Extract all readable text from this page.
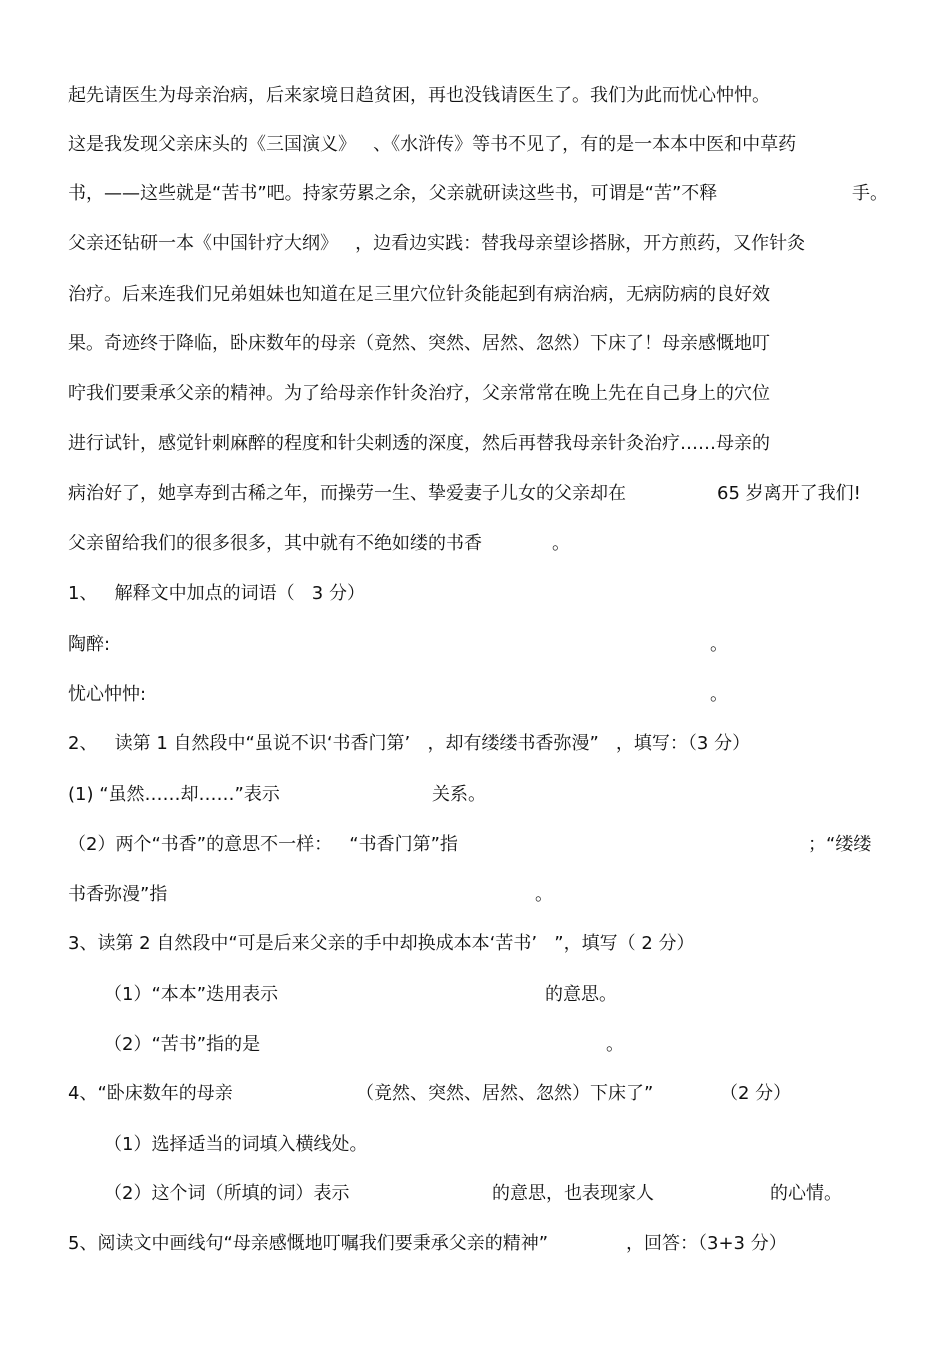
起先请医生为母亲治病，后来家境日趋贫困，再也没钱请医生了。我们为此而忧心忡忡。
这是我发现父亲床头的《三国演义》   、《水浒传》等书不见了，有的是一本本中医和中草药
书，——这些就是“苦书”吧。持家劳累之余，父亲就研读这些书，可谓是“苦”不释	手。
父亲还钻研一本《中国针疗大纲》   ，边看边实践：替我母亲望诊搭脉，开方煎药，又作针灸
治疗。后来连我们兄弟姐妹也知道在足三里穴位针灸能起到有病治病，无病防病的良好效
果。奇迹终于降临，卧床数年的母亲（竟然、突然、居然、忽然）下床了！母亲感慨地叮
咛我们要秉承父亲的精神。为了给母亲作针灸治疗，父亲常常在晚上先在自己身上的穴位
进行试针，感觉针刺麻醉的程度和针尖刺透的深度，然后再替我母亲针灸治疗……母亲的
病治好了，她享寿到古稀之年，而操劳一生、挚爱妻子儿女的父亲却在	65 岁离开了我们!
父亲留给我们的很多很多，其中就有不绝如缕的书香	。
1、   解释文中加点的词语（   3 分）
陶醉:	。
忧心忡忡:	。
2、   读第 1 自然段中“虽说不识‘书香门第’   ，却有缕缕书香弥漫”   ，填写：（3 分）
(1) “虽然……却……”表示	关系。
（2）两个“书香”的意思不一样：   “书香门第”指	；“缕缕
书香弥漫”指	。
3、读第 2 自然段中“可是后来父亲的手中却换成本本‘苦书’   ”，填写（ 2 分）
（1）“本本”迭用表示	的意思。
（2）“苦书”指的是	。
4、“卧床数年的母亲	（竟然、突然、居然、忽然）下床了”	（2 分）
（1）选择适当的词填入横线处。
（2）这个词（所填的词）表示	的意思，也表现家人	的心情。
5、阅读文中画线句“母亲感慨地叮嘱我们要秉承父亲的精神”	，回答：（3+3 分）
